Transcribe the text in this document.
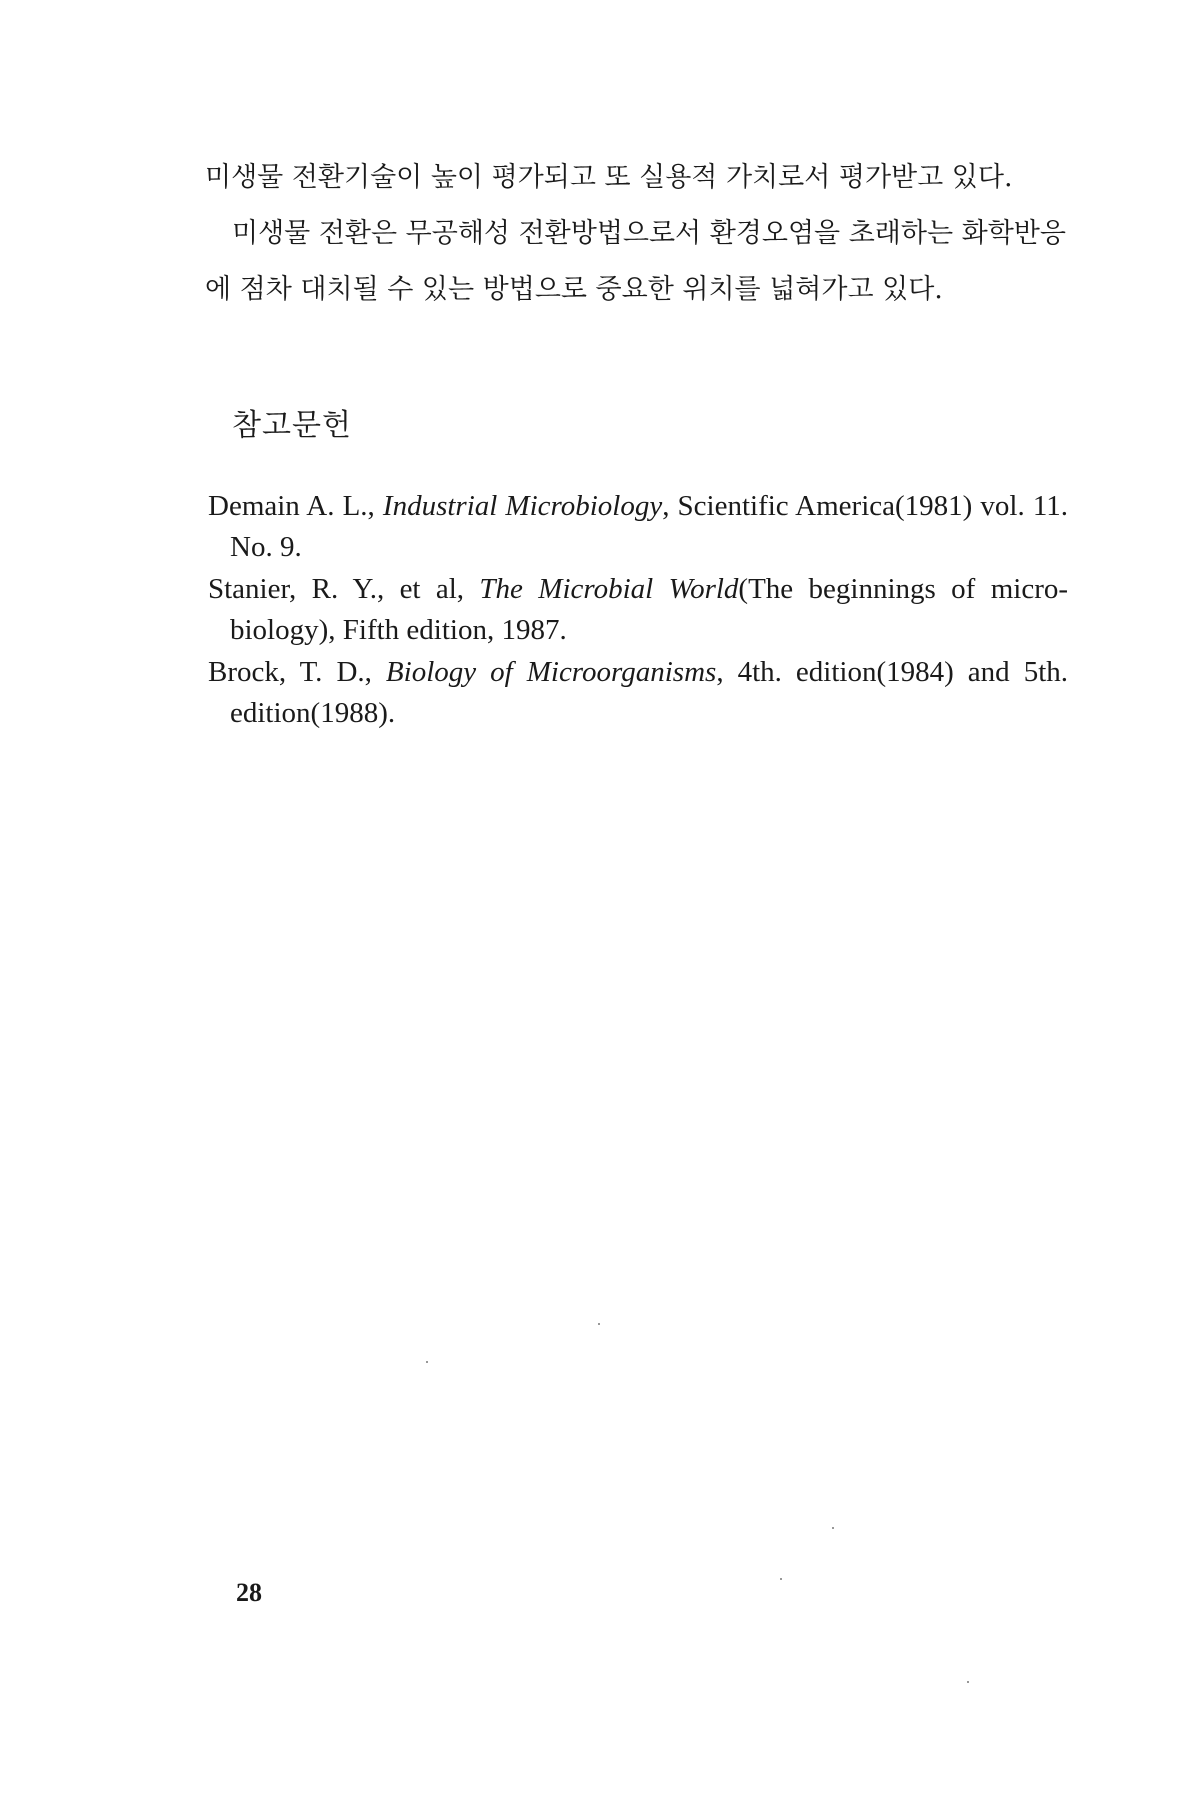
미생물 전환기술이 높이 평가되고 또 실용적 가치로서 평가받고 있다.

미생물 전환은 무공해성 전환방법으로서 환경오염을 초래하는 화학반응에 점차 대치될 수 있는 방법으로 중요한 위치를 넓혀가고 있다.

참고문헌

Demain A. L., Industrial Microbiology, Scientific America(1981) vol. 11. No. 9.

Stanier, R. Y., et al, The Microbial World(The beginnings of micro-biology), Fifth edition, 1987.

Brock, T. D., Biology of Microorganisms, 4th. edition(1984) and 5th. edition(1988).

28
